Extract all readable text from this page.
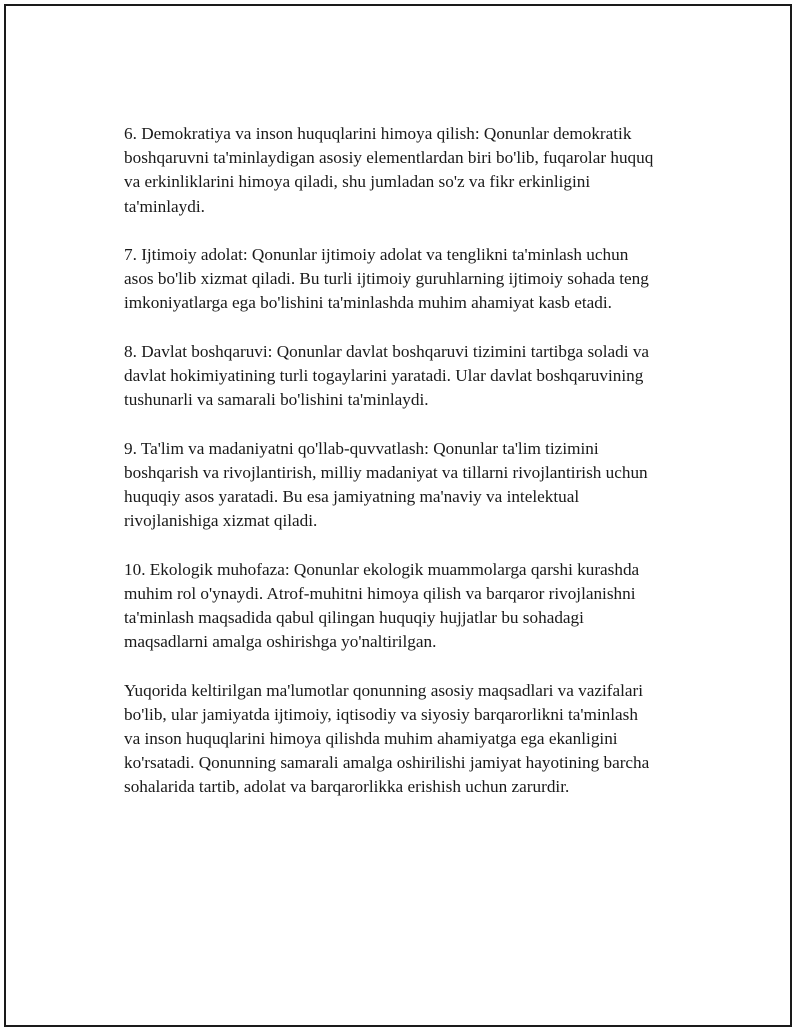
6. Demokratiya va inson huquqlarini himoya qilish: Qonunlar demokratik
boshqaruvni ta'minlaydigan asosiy elementlardan biri bo'lib, fuqarolar huquq
va erkinliklarini himoya qiladi, shu jumladan so'z va fikr erkinligini
ta'minlaydi.

7. Ijtimoiy adolat: Qonunlar ijtimoiy adolat va tenglikni ta'minlash uchun
asos bo'lib xizmat qiladi. Bu turli ijtimoiy guruhlarning ijtimoiy sohada teng
imkoniyatlarga ega bo'lishini ta'minlashda muhim ahamiyat kasb etadi.

8. Davlat boshqaruvi: Qonunlar davlat boshqaruvi tizimini tartibga soladi va
davlat hokimiyatining turli togaylarini yaratadi. Ular davlat boshqaruvining
tushunarli va samarali bo'lishini ta'minlaydi.

9. Ta'lim va madaniyatni qo'llab-quvvatlash: Qonunlar ta'lim tizimini
boshqarish va rivojlantirish, milliy madaniyat va tillarni rivojlantirish uchun
huquqiy asos yaratadi. Bu esa jamiyatning ma'naviy va intelektual
rivojlanishiga xizmat qiladi.

10. Ekologik muhofaza: Qonunlar ekologik muammolarga qarshi kurashda
muhim rol o'ynaydi. Atrof-muhitni himoya qilish va barqaror rivojlanishni
ta'minlash maqsadida qabul qilingan huquqiy hujjatlar bu sohadagi
maqsadlarni amalga oshirishga yo'naltirilgan.

Yuqorida keltirilgan ma'lumotlar qonunning asosiy maqsadlari va vazifalari
bo'lib, ular jamiyatda ijtimoiy, iqtisodiy va siyosiy barqarorlikni ta'minlash
va inson huquqlarini himoya qilishda muhim ahamiyatga ega ekanligini
ko'rsatadi. Qonunning samarali amalga oshirilishi jamiyat hayotining barcha
sohalarida tartib, adolat va barqarorlikka erishish uchun zarurdir.
